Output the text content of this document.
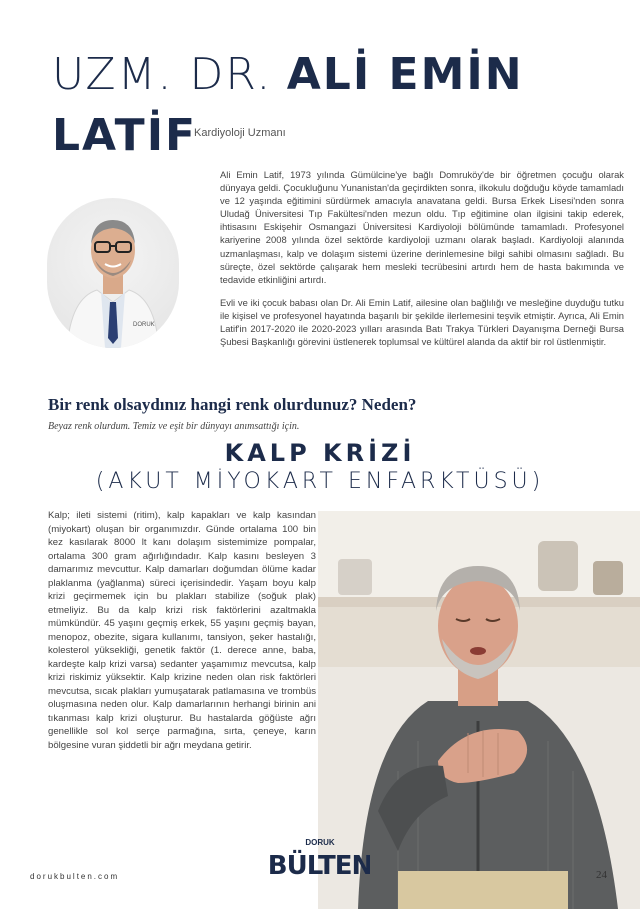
UZM. DR. ALİ EMİN
LATİF
Kardiyoloji Uzmanı
DORUK

Ali Emin Latif, 1973 yılında Gümülcine'ye bağlı Domruköy'de bir öğretmen çocuğu olarak dünyaya geldi. Çocukluğunu Yunanistan'da geçirdikten sonra, ilkokulu doğduğu köyde tamamladı ve 12 yaşında eğitimini sürdürmek amacıyla anavatana geldi. Bursa Erkek Lisesi'nden sonra Uludağ Üniversitesi Tıp Fakültesi'nden mezun oldu. Tıp eğitimine olan ilgisini takip ederek, ihtisasını Eskişehir Osmangazi Üniversitesi Kardiyoloji bölümünde tamamladı. Profesyonel kariyerine 2008 yılında özel sektörde kardiyoloji uzmanı olarak başladı. Kardiyoloji alanında uzmanlaşması, kalp ve dolaşım sistemi üzerine derinlemesine bilgi sahibi olmasını sağladı. Bu süreçte, özel sektörde çalışarak hem mesleki tecrübesini artırdı hem de hasta bakımında ve tedavide etkinliğini artırdı.

Evli ve iki çocuk babası olan Dr. Ali Emin Latif, ailesine olan bağlılığı ve mesleğine duyduğu tutku ile kişisel ve profesyonel hayatında başarılı bir şekilde ilerlemesini teşvik etmiştir. Ayrıca, Ali Emin Latif'in 2017-2020 ile 2020-2023 yılları arasında Batı Trakya Türkleri Dayanışma Derneği Bursa Şubesi Başkanlığı görevini üstlenerek toplumsal ve kültürel alanda da aktif bir rol üstlenmiştir.

Bir renk olsaydınız hangi renk olurdunuz? Neden?
Beyaz renk olurdum. Temiz ve eşit bir dünyayı anımsattığı için.
KALP KRİZİ
(AKUT MİYOKART ENFARKTÜSÜ)
Kalp; ileti sistemi (ritim), kalp kapakları ve kalp kasından (miyokart) oluşan bir organımızdır. Günde ortalama 100 bin kez kasılarak 8000 lt kanı dolaşım sistemimize pompalar, ortalama 300 gram ağırlığındadır. Kalp kasını besleyen 3 damarımız mevcuttur. Kalp damarları doğumdan ölüme kadar plaklanma (yağlanma) süreci içerisindedir. Yaşam boyu kalp krizi geçirmemek için bu plakları stabilize (soğuk plak) etmeliyiz. Bu da kalp krizi risk faktörlerini azaltmakla mümkündür. 45 yaşını geçmiş erkek, 55 yaşını geçmiş bayan, menopoz, obezite, sigara kullanımı, tansiyon, şeker hastalığı, kolesterol yüksekliği, genetik faktör (1. derece anne, baba, kardeşte kalp krizi varsa) sedanter yaşamımız mevcutsa, kalp krizi riskimiz yüksektir. Kalp krizine neden olan risk faktörleri mevcutsa, sıcak plakları yumuşatarak patlamasına ve trombüs oluşmasına neden olur. Kalp damarlarının herhangi birinin ani tıkanması kalp krizi oluşturur. Bu hastalarda göğüste ağrı genellikle sol kol serçe parmağına, sırta, çeneye, karın bölgesine vuran şiddetli bir ağrı meydana getirir.
dorukbulten.com
DORUK
BÜLTEN	24
